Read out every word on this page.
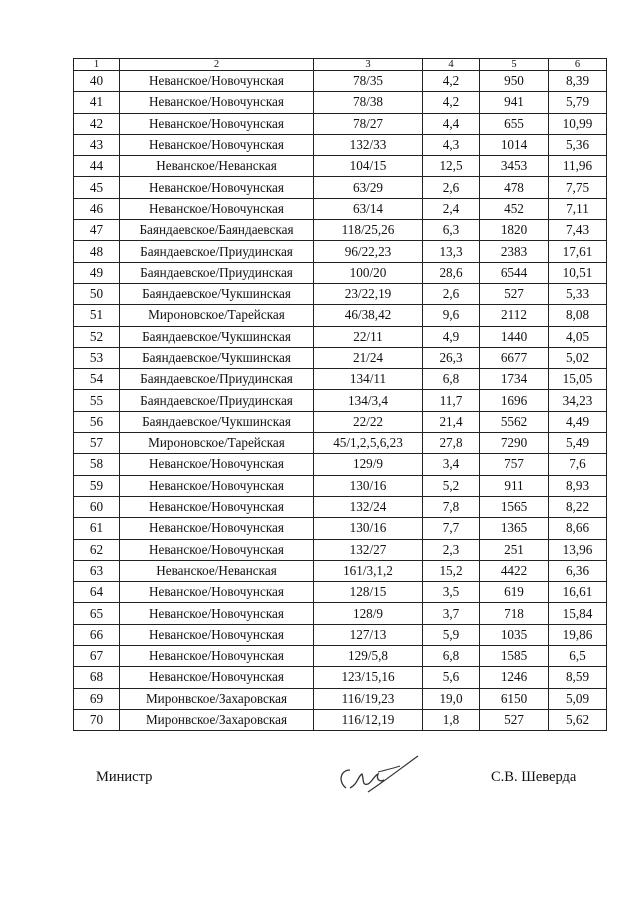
1	2	3	4	5	6
40	Неванское/Новочунская	78/35	4,2	950	8,39
41	Неванское/Новочунская	78/38	4,2	941	5,79
42	Неванское/Новочунская	78/27	4,4	655	10,99
43	Неванское/Новочунская	132/33	4,3	1014	5,36
44	Неванское/Неванская	104/15	12,5	3453	11,96
45	Неванское/Новочунская	63/29	2,6	478	7,75
46	Неванское/Новочунская	63/14	2,4	452	7,11
47	Баяндаевское/Баяндаевская	118/25,26	6,3	1820	7,43
48	Баяндаевское/Приудинская	96/22,23	13,3	2383	17,61
49	Баяндаевское/Приудинская	100/20	28,6	6544	10,51
50	Баяндаевское/Чукшинская	23/22,19	2,6	527	5,33
51	Мироновское/Тарейская	46/38,42	9,6	2112	8,08
52	Баяндаевское/Чукшинская	22/11	4,9	1440	4,05
53	Баяндаевское/Чукшинская	21/24	26,3	6677	5,02
54	Баяндаевское/Приудинская	134/11	6,8	1734	15,05
55	Баяндаевское/Приудинская	134/3,4	11,7	1696	34,23
56	Баяндаевское/Чукшинская	22/22	21,4	5562	4,49
57	Мироновское/Тарейская	45/1,2,5,6,23	27,8	7290	5,49
58	Неванское/Новочунская	129/9	3,4	757	7,6
59	Неванское/Новочунская	130/16	5,2	911	8,93
60	Неванское/Новочунская	132/24	7,8	1565	8,22
61	Неванское/Новочунская	130/16	7,7	1365	8,66
62	Неванское/Новочунская	132/27	2,3	251	13,96
63	Неванское/Неванская	161/3,1,2	15,2	4422	6,36
64	Неванское/Новочунская	128/15	3,5	619	16,61
65	Неванское/Новочунская	128/9	3,7	718	15,84
66	Неванское/Новочунская	127/13	5,9	1035	19,86
67	Неванское/Новочунская	129/5,8	6,8	1585	6,5
68	Неванское/Новочунская	123/15,16	5,6	1246	8,59
69	Миронвское/Захаровская	116/19,23	19,0	6150	5,09
70	Миронвское/Захаровская	116/12,19	1,8	527	5,62
Министр	С.В. Шеверда
